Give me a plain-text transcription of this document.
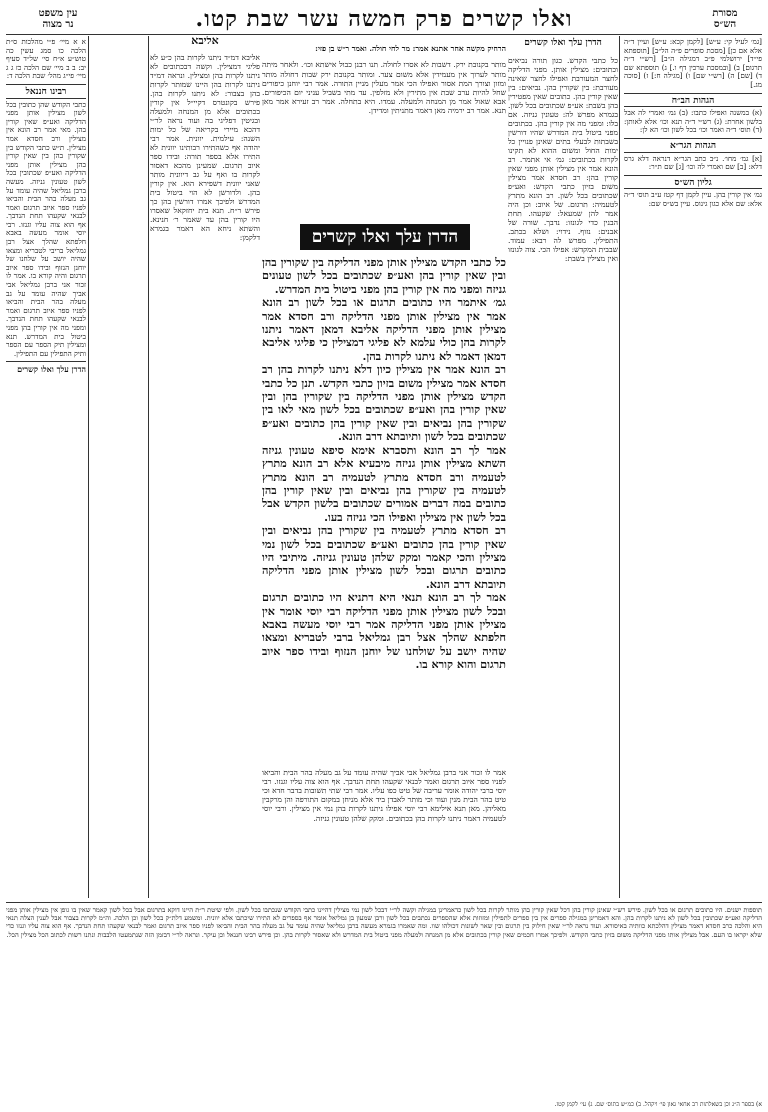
מסורת
הש״ס
ואלו קשרים פרק חמשה עשר שבת קטו.
עין משפט
נר מצוה

[גמ׳ לעיל קי: ע״ש] [לקמן קכא: ע״ש] ועיין ד״ה אלא אם כן] [מסכת סופרים פ״ה הל״ב] [תוספתא פי״ד] ירושלמי פ״ב דמגילה ה״ב] [רש״י ד״ה תרגום] ב) [ובמסכת ערכין דף ו.] ג) תוספתא שם ד) [שם] ה) [רש״י שם] ו) [מגילה ח:] ז) [סוכה מג.]

הגהות הב״ח

(א) במשנה ואפילו כתבו: (ב) גמ׳ ואמרי לה אבל בלשון אחרת: (ג) רש״י ד״ה תנא וכו׳ אלא לאותן: (ד) תוס׳ ד״ה ואמר וכו׳ בכל לשון וכו׳ הא לן:

הגהות הגר״א

[א] גמ׳ מחו׳. נ״ב כתב הגר״א דנראה דלא גרס דלא: [ב] שם ואמרי לה וכו׳ [ג] שם ת״ר:

גליון הש״ס

גמ׳ אין קורין בהן. עיין לקמן דף קטז ע״ב תוס׳ ד״ה אלא: שם אלא כגון גינוס. עיין בש״ס שם:

א א מיי׳ פ״י מהלכות ס״ת הלכה כו סמג עשין כה טוש״ע א״ח סי׳ של״ד סעיף יב: ב ב מיי׳ שם הלכה כז ג ג מיי׳ פי״ג מהל׳ שבת הלכה ד:

רבינו חננאל

כתבי הקודש שהן כתובין בכל לשון מצילין אותן מפני הדליקה ואע״פ שאין קורין בהן. מאי אמר רב הונא אין מצילין ורב חסדא אמר מצילין. ת״ש כתבי הקודש בין שקורין בהן בין שאין קורין בהן מצילין אותן מפני הדליקה ואע״פ שכתובין בכל לשון טעונין גניזה. מעשה ברבן גמליאל שהיה עומד על גב מעלה בהר הבית והביאו לפניו ספר איוב תרגום ואמר לבנאי שקעהו תחת הנדבך. אף הוא צוה עליו וגנזו. רבי יוסי אומר מעשה באבא חלפתא שהלך אצל רבן גמליאל בריבי לטבריא ומצאו שהיה יושב על שלחנו של יוחנן הנזוף ובידו ספר איוב תרגום והיה קורא בו. אמר לו זכור אני ברבן גמליאל אבי אביך שהיה עומד על גב מעלה בהר הבית והביאו לפניו ספר איוב תרגום ואמר לבנאי שקעהו תחת הנדבך. ומפני מה אין קורין בהן מפני ביטול בית המדרש. תנא ומצילין תיק הספר עם הספר ותיק התפילין עם התפילין.

הדרן עלך ואלו קשרים

הדרן עלך ואלו קשרים

כל כתבי הקדש. כגון תורה נביאים וכתובים: מצילין אותן. מפני הדליקה לחצר המעורבת ואפילו לחצר שאינה מעורבת: בין שקורין בהן. נביאים: בין שאין קורין בהן. כתובים שאין מפטירין בהן בשבת: אע״פ שכתובים בכל לשון. בגמרא מפרש לה: טעונין גניזה. אם בלו: ומפני מה אין קורין בהן. בכתובים מפני ביטול בית המדרש שהיו דורשין בשבתות לבעלי בתים שאינן פנויין כל ימות החול ומשום ההוא לא תקינו לקרות בכתובים: גמ׳ אי אתמר. רב הונא אמר אין מצילין אותן מפני שאין קורין בהן: רב חסדא אמר מצילין משום בזיון כתבי הקדש: ואע״פ שכתובים בכל לשון. רב הונא מתרץ לטעמיה: תרגום. של איוב: וכן היה אמר להן שמעאל: שקעהו. תחת הבנין כדי לגונזו: נדבך. שורה של אבנים: נזוף. נידוי: ושלא בכתב. התפילין. מפרש לה רבא: עמוד. שבבית המקדש: אפילו הכי. צוה לגונזו ואין מצילין בשבת:

אליבא

אליבא דמ״ד ניתנו לקרות בהן כ״ע לא פליגי דמצילין. וקשה דבכתובים לא ניתנו לקרות בהן ומצילין. ונראה דמ״ד ניתנו לקרות בהן היינו שמותר לקרות בהן בצבור: לא ניתנו לקרות בהן. פירש בקונטרס דקיי״ל אין קורין בכתובים אלא מן המנחה ולמעלה ובגיטין דפליגי בה ועוד נראה לר״י דהכא מיירי בקריאה של כל ימות השנה: עילמית. יוונית. אמר רבי יהודה אף כשהתירו רבותינו יוונית לא התירו אלא בספר תורה: ובידו ספר איוב תרגום. שמעינן מהכא דאסור לקרות בו ואף על גב דיוונית מותר שאני יוונית דשפירא הוא. אין קורין בהן. ולדורשן לא הוי ביטול בית המדרש ולפיכך אמרו דורשין בהן כך פירש ר״ח. תנא בית יחזקאל שאסרו היו קורין בהן עד שאמר ר׳ חנינא. והשתא ניחא הא דאמר בגמרא דלקמן:

הרחיק מקשה אחר אתנא אמר: מר לחי חולה. ואמר ר״ש בן פזי:

מותר בקנובת ירק. דשבות לא אסרו לחולה. תנו רבנן כבול אישתא וכו׳. ולאחר מיתה מותר לערוך אין מעמידין אלא משום צער. ומותר בקנובת ירק שבות דחולה מותר ומזון וצורך המת אסור ואפילו הכי אמר מעלין מניין התורה. אמר רבי יוחנן כיפורים שחל להיות ערב שבת אין מתירין ולא מזלפין. עד מתי בשביל עניני יום הכיפורים. אבא שאול אמר מן המנחה ולמעלה. עמדו. היא בתחלה. אמר רב זעירא אמר מאן תנא. אמר רב ירמיה מאן דאמר מתניתין ומדידן.

כל כתבי הקדש מצילין אותן מפני הדליקה בין שקורין בהן ובין שאין קורין בהן ואע״פ שכתובים בכל לשון טעונים גניזה ומפני מה אין קורין בהן מפני ביטול בית המדרש.

גמ׳ איתמר היו כתובים תרגום או בכל לשון רב הונא אמר אין מצילין אותן מפני הדליקה ורב חסדא אמר מצילין אותן מפני הדליקה אליבא דמאן דאמר ניתנו לקרות בהן כולי עלמא לא פליגי דמצילין כי פליגי אליבא דמאן דאמר לא ניתנו לקרות בהן.

רב הונא אמר אין מצילין כיון דלא ניתנו לקרות בהן רב חסדא אמר מצילין משום בזיון כתבי הקדש. תנן כל כתבי הקדש מצילין אותן מפני הדליקה בין שקורין בהן ובין שאין קורין בהן ואע״פ שכתובים בכל לשון מאי לאו בין שקורין בהן נביאים ובין שאין קורין בהן כתובים ואע״פ שכתובים בכל לשון ותיובתא דרב הונא.

אמר לך רב הונא ותסברא אימא סיפא טעונין גניזה השתא מצילין אותן גניזה מיבעיא אלא רב הונא מתרץ לטעמיה ורב חסדא מתרץ לטעמיה רב הונא מתרץ לטעמיה בין שקורין בהן נביאים ובין שאין קורין בהן כתובים במה דברים אמורים שכתובים בלשון הקדש אבל בכל לשון אין מצילין ואפילו הכי גניזה בעו.

רב חסדא מתרץ לטעמיה בין שקורין בהן נביאים ובין שאין קורין בהן כתובים ואע״פ שכתובים בכל לשון נמי מצילין והכי קאמר ומקק שלהן טעונין גניזה. מיתיבי היו כתובים תרגום ובכל לשון מצילין אותן מפני הדליקה תיובתא דרב הונא.

אמר לך רב הונא תנאי היא דתניא היו כתובים תרגום ובכל לשון מצילין אותן מפני הדליקה רבי יוסי אומר אין מצילין אותן מפני הדליקה אמר רבי יוסי מעשה באבא חלפתא שהלך אצל רבן גמליאל ברבי לטבריא ומצאו שהיה יושב על שולחנו של יוחנן הנזוף ובידו ספר איוב תרגום והוא קורא בו.

אמר לו זכור אני ברבן גמליאל אבי אביך שהיה עומד על גב מעלה בהר הבית והביאו לפניו ספר איוב תרגום ואמר לבנאי שקעהו תחת הנדבך. אף הוא צוה עליו וגנזו. רבי יוסי ברבי יהודה אומר עריבה של טיט כפו עליו. אמר רבי שתי תשובות בדבר חדא וכי טיט בהר הבית מנין ועוד וכי מותר לאבדן ביד אלא מניחן במקום התורפה והן מרקבין מאליהן. מאן תנא אילימא רבי יוסי אפילו ניתנו לקרות בהן נמי אין מצילין. ורבי יוסי לטעמיה דאמר ניתנו לקרות בהן בכתובים. ומקק שלהן טעונין גניזה.

הדרן עלך ואלו קשרים

תוספות ישנים. היו כתובים תרגום או בכל לשון. פירש רש״י שאינן קורין בהן דכל שאין קורין בהן מותר לקרות בכל לשון כדאמרינן במגילה וקשה לר״י דבכל לשון נמי מצילין דהיינו כתבי הקודש שנכתבו בכל לשון. ולפי שיטת ר״ת היינו דוקא בתרגום אבל בכל לשון קאמר שאין בו גופן אין מצילין אותן מפני הדליקה ואע״פ שכתובין בכל לשון לא ניתנו לקרות בהן. והא דאמרינן במגילה ספרים אין בין ספרים לתפילין ומזוזות אלא שהספרים נכתבים בכל לשון ורבן שמעון בן גמליאל אומר אף בספרים לא התירו שיכתבו אלא יוונית. ומשמע דלת״ק בכל לשון וכן הלכה. וה״מ לקרות בצבור אבל לענין הצלה תנאי היא והלכה כרב חסדא דאמר מצילין דהלכתא כוותיה באיסורא. ועוד נראה לר״י שאין חילוק בין תרגום ובין שאר לשונות דכולהו שוו. ומה שאמרו בגמרא מעשה ברבן גמליאל שהיה עומד על גב מעלה בהר הבית והביאו לפניו ספר איוב תרגום ואמר לבנאי שקעהו תחת הנדבך. אף הוא צוה עליו וגנזו כדי שלא יקראו בו העם. אבל מצילין אותו מפני הדליקה משום בזיון כתבי הקודש. ולפיכך אמרו חכמים שאין קורין בכתובים אלא מן המנחה ולמעלה מפני ביטול בית המדרש ולא שאסור לקרות בהן. וכן פירש רבינו חננאל וכן עיקר. ונראה לר״י דבזמן הזה שנתמעטו הלבבות ונתנו רשות לכתוב הכל מצילין הכל.

א) בספר ה״ג וכן בשאלתות רב אחאי גאון פי׳ ויקהל. ב) כמ״ש בתוס׳ שם. ג) עי׳ לקמן קטז.
